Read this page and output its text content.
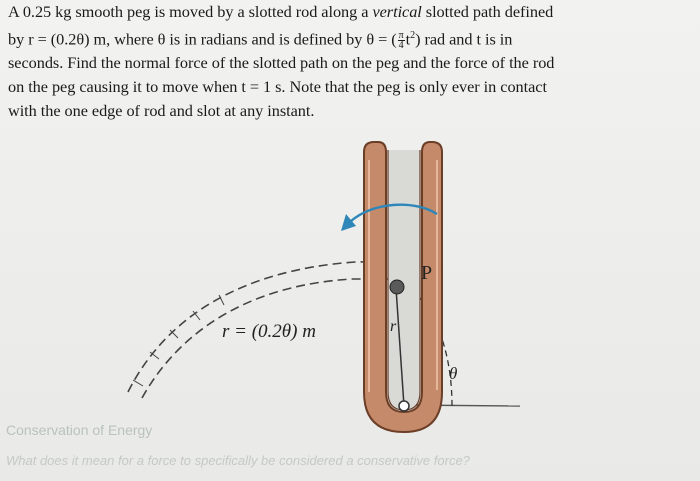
A 0.25 kg smooth peg is moved by a slotted rod along a vertical slotted path defined
by r = (0.2θ) m, where θ is in radians and is defined by θ = ( $\frac{\pi}{4} t^2$) rad and t is in
seconds. Find the normal force of the slotted path on the peg and the force of the rod
on the peg causing it to move when t = 1 s. Note that the peg is only ever in contact
with the one edge of rod and slot at any instant.
Conservation of Energy
What does it mean for a force to specifically be considered a conservative force?
r = (0.2θ) m
P
r
θ
